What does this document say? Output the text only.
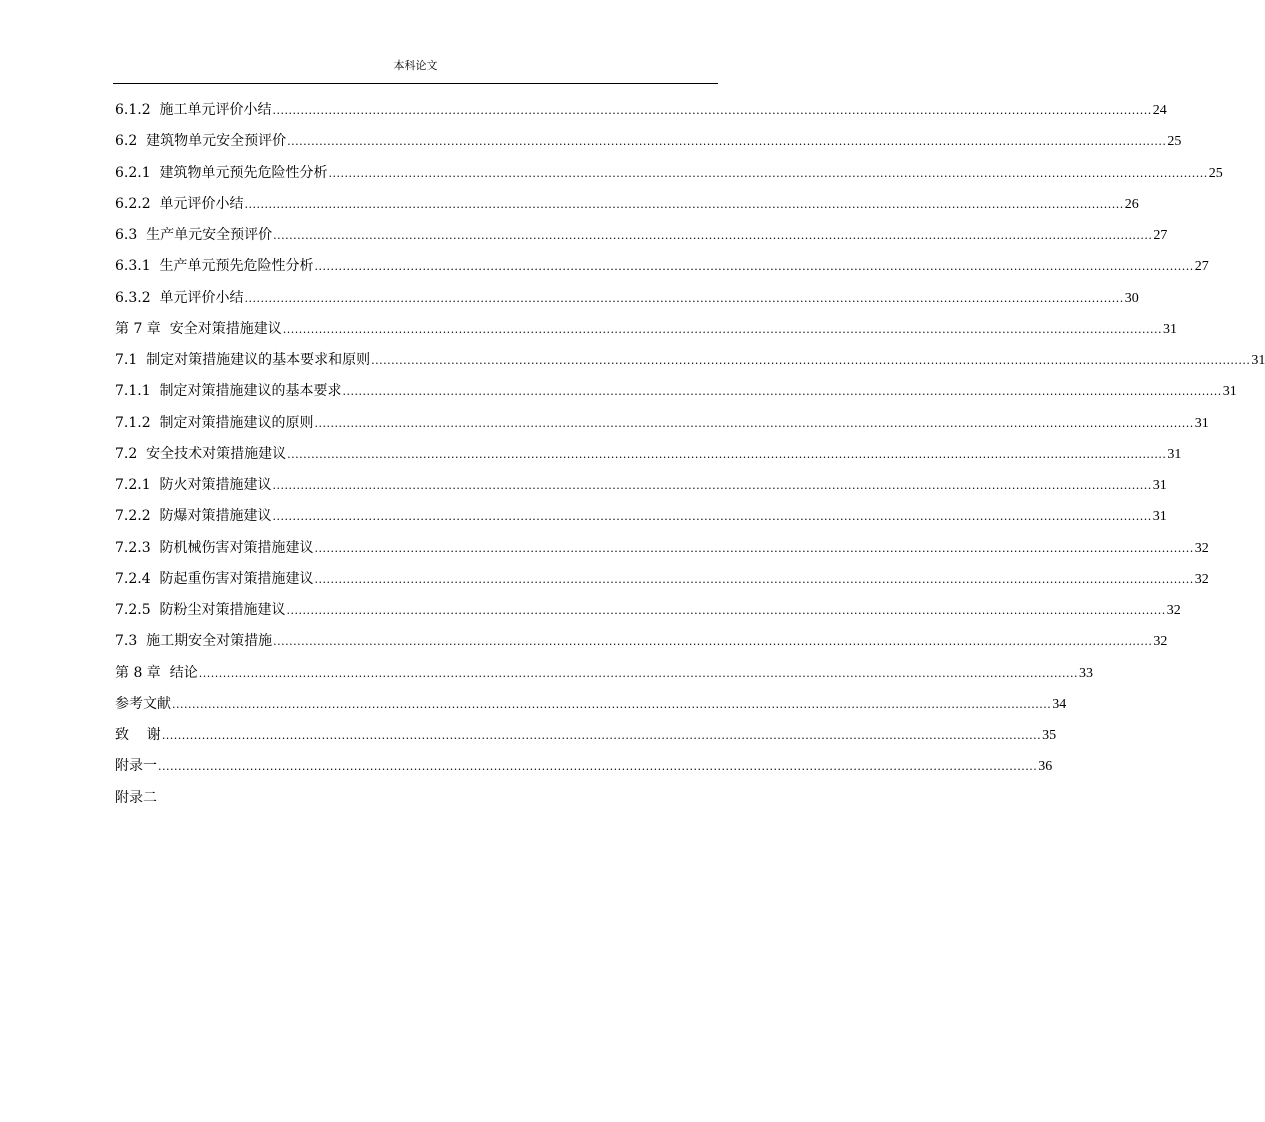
本科论文
6.1.2  施工单元评价小结 ............................................................................................................................................................................................................................ 24
6.2  建筑物单元安全预评价 ............................................................................................................................................................................................................................ 25
6.2.1  建筑物单元预先危险性分析 ............................................................................................................................................................................................................................ 25
6.2.2  单元评价小结 ............................................................................................................................................................................................................................ 26
6.3  生产单元安全预评价 ............................................................................................................................................................................................................................ 27
6.3.1  生产单元预先危险性分析 ............................................................................................................................................................................................................................ 27
6.3.2  单元评价小结 ............................................................................................................................................................................................................................ 30
第 7 章  安全对策措施建议 ............................................................................................................................................................................................................................ 31
7.1  制定对策措施建议的基本要求和原则 ............................................................................................................................................................................................................................ 31
7.1.1  制定对策措施建议的基本要求 ............................................................................................................................................................................................................................ 31
7.1.2  制定对策措施建议的原则 ............................................................................................................................................................................................................................ 31
7.2  安全技术对策措施建议 ............................................................................................................................................................................................................................ 31
7.2.1  防火对策措施建议 ............................................................................................................................................................................................................................ 31
7.2.2  防爆对策措施建议 ............................................................................................................................................................................................................................ 31
7.2.3  防机械伤害对策措施建议 ............................................................................................................................................................................................................................ 32
7.2.4  防起重伤害对策措施建议 ............................................................................................................................................................................................................................ 32
7.2.5  防粉尘对策措施建议 ............................................................................................................................................................................................................................ 32
7.3  施工期安全对策措施 ............................................................................................................................................................................................................................ 32
第 8 章  结论 ............................................................................................................................................................................................................................ 33
参考文献 ............................................................................................................................................................................................................................ 34
致    谢 ............................................................................................................................................................................................................................ 35
附录一 ............................................................................................................................................................................................................................ 36
附录二
